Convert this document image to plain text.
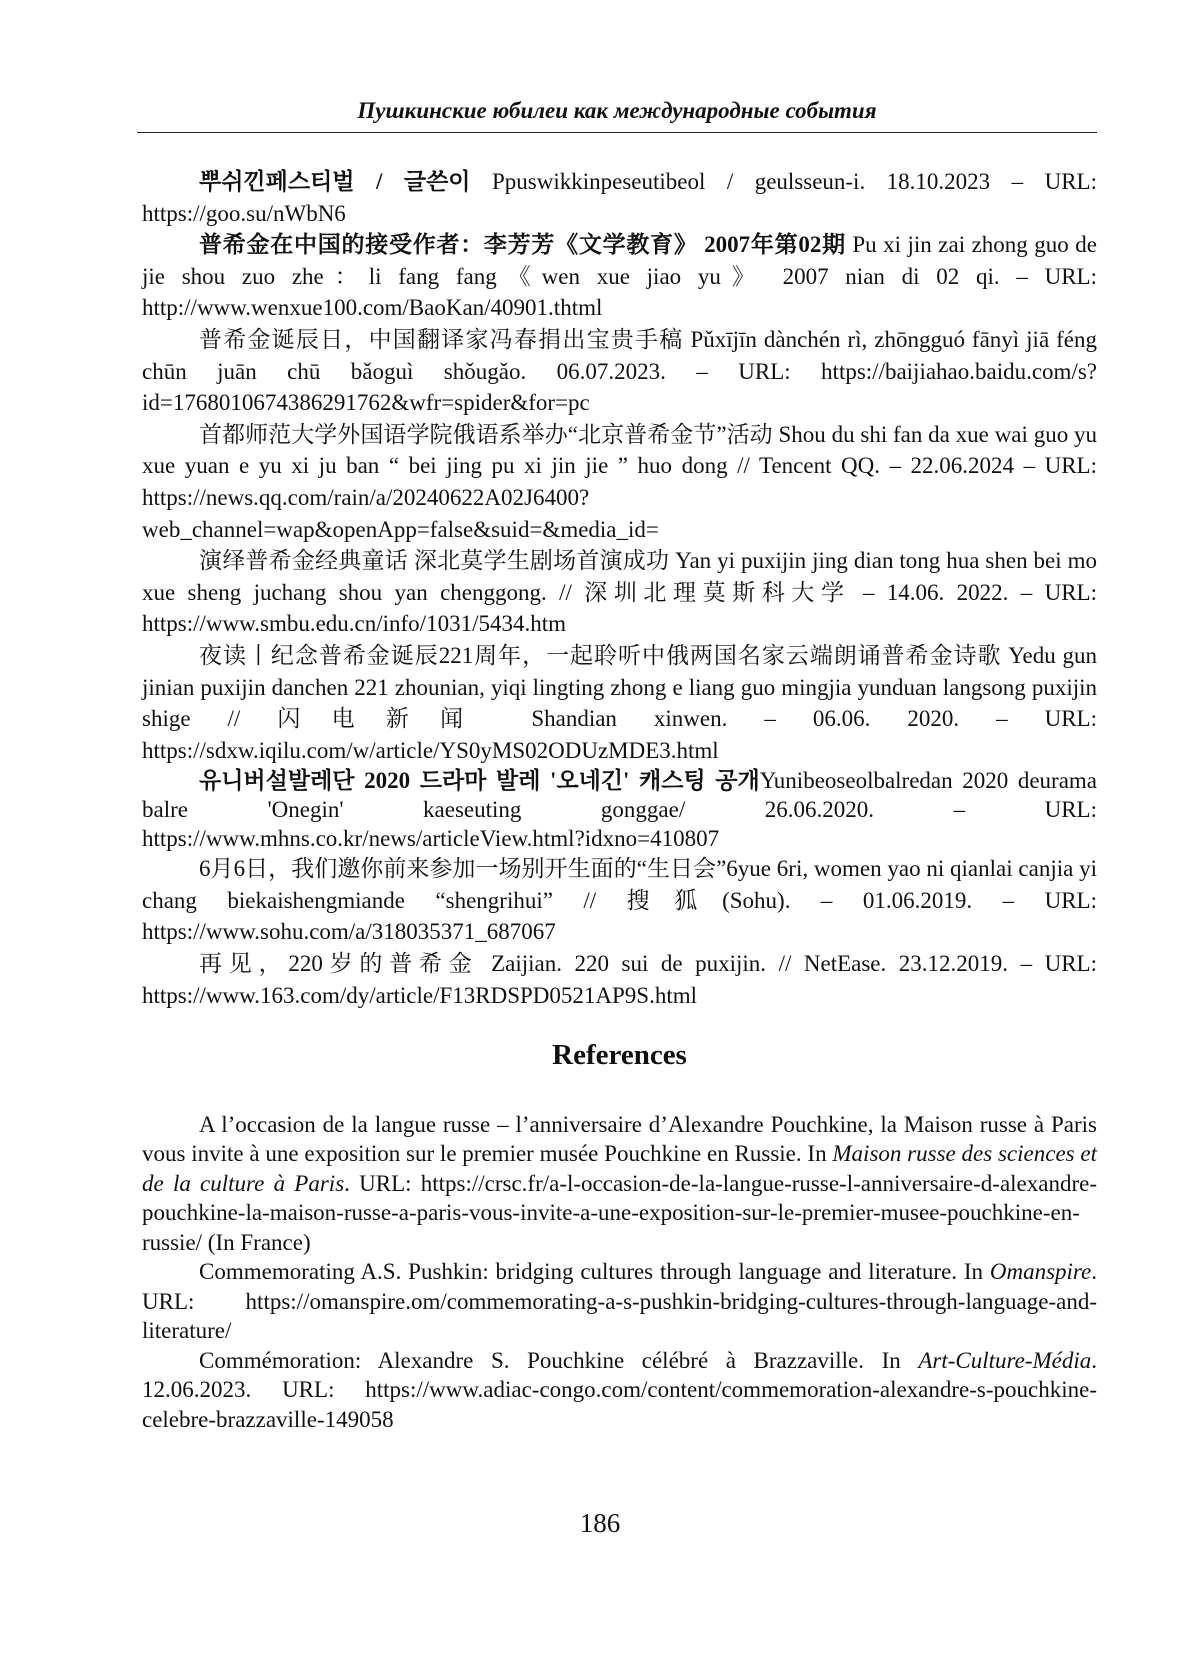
Пушкинские юбилеи как международные события

뿌쉬낀페스티벌 / 글쓴이 Ppuswikkinpeseutibeol / geulsseun-i. 18.10.2023 – URL: https://goo.su/nWbN6

普希金在中国的接受作者：李芳芳《文学教育》 2007年第02期 Pu xi jin zai zhong guo de jie shou zuo zhe：li fang fang《wen xue jiao yu》 2007 nian di 02 qi. – URL: http://www.wenxue100.com/BaoKan/40901.thtml

普希金诞辰日，中国翻译家冯春捐出宝贵手稿 Pǔxījīn dànchén rì, zhōngguó fānyì jiā féng chūn juān chū bǎoguì shǒugǎo. 06.07.2023. – URL: https://baijiahao.baidu.com/s?id=1768010674386291762&wfr=spider&for=pc

首都师范大学外国语学院俄语系举办“北京普希金节”活动 Shou du shi fan da xue wai guo yu xue yuan e yu xi ju ban “ bei jing pu xi jin jie ” huo dong // Tencent QQ. – 22.06.2024 – URL: https://news.qq.com/rain/a/20240622A02J6400?web_channel=wap&openApp=false&suid=&media_id=

演绎普希金经典童话 深北莫学生剧场首演成功 Yan yi puxijin jing dian tong hua shen bei mo xue sheng juchang shou yan chenggong. // 深圳北理莫斯科大学 – 14.06. 2022. – URL: https://www.smbu.edu.cn/info/1031/5434.htm

夜读丨纪念普希金诞辰221周年，一起聆听中俄两国名家云端朗诵普希金诗歌 Yedu gun jinian puxijin danchen 221 zhounian, yiqi lingting zhong e liang guo mingjia yunduan langsong puxijin shige // 闪电新闻 Shandian xinwen. – 06.06. 2020. – URL: https://sdxw.iqilu.com/w/article/YS0yMS02ODUzMDE3.html

유니버설발레단 2020 드라마 발레 '오네긴' 캐스팅 공개Yunibeoseolbalredan 2020 deurama balre 'Onegin' kaeseuting gonggae/ 26.06.2020. – URL: https://www.mhns.co.kr/news/articleView.html?idxno=410807

6月6日，我们邀你前来参加一场别开生面的“生日会”6yue 6ri, women yao ni qianlai canjia yi chang biekaishengmiande “shengrihui” // 搜狐(Sohu). – 01.06.2019. – URL: https://www.sohu.com/a/318035371_687067

再见，220岁的普希金 Zaijian. 220 sui de puxijin. // NetEase. 23.12.2019. – URL: https://www.163.com/dy/article/F13RDSPD0521AP9S.html

References

A l’occasion de la langue russe – l’anniversaire d’Alexandre Pouchkine, la Maison russe à Paris vous invite à une exposition sur le premier musée Pouchkine en Russie. In Maison russe des sciences et de la culture à Paris. URL: https://crsc.fr/a-l-occasion-de-la-langue-russe-l-anniversaire-d-alexandre-pouchkine-la-maison-russe-a-paris-vous-invite-a-une-exposition-sur-le-premier-musee-pouchkine-en-russie/ (In France)

Commemorating A.S. Pushkin: bridging cultures through language and literature. In Omanspire. URL: https://omanspire.om/commemorating-a-s-pushkin-bridging-cultures-through-language-and-literature/

Commémoration: Alexandre S. Pouchkine célébré à Brazzaville. In Art-Culture-Média. 12.06.2023. URL: https://www.adiac-congo.com/content/commemoration-alexandre-s-pouchkine-celebre-brazzaville-149058

186
